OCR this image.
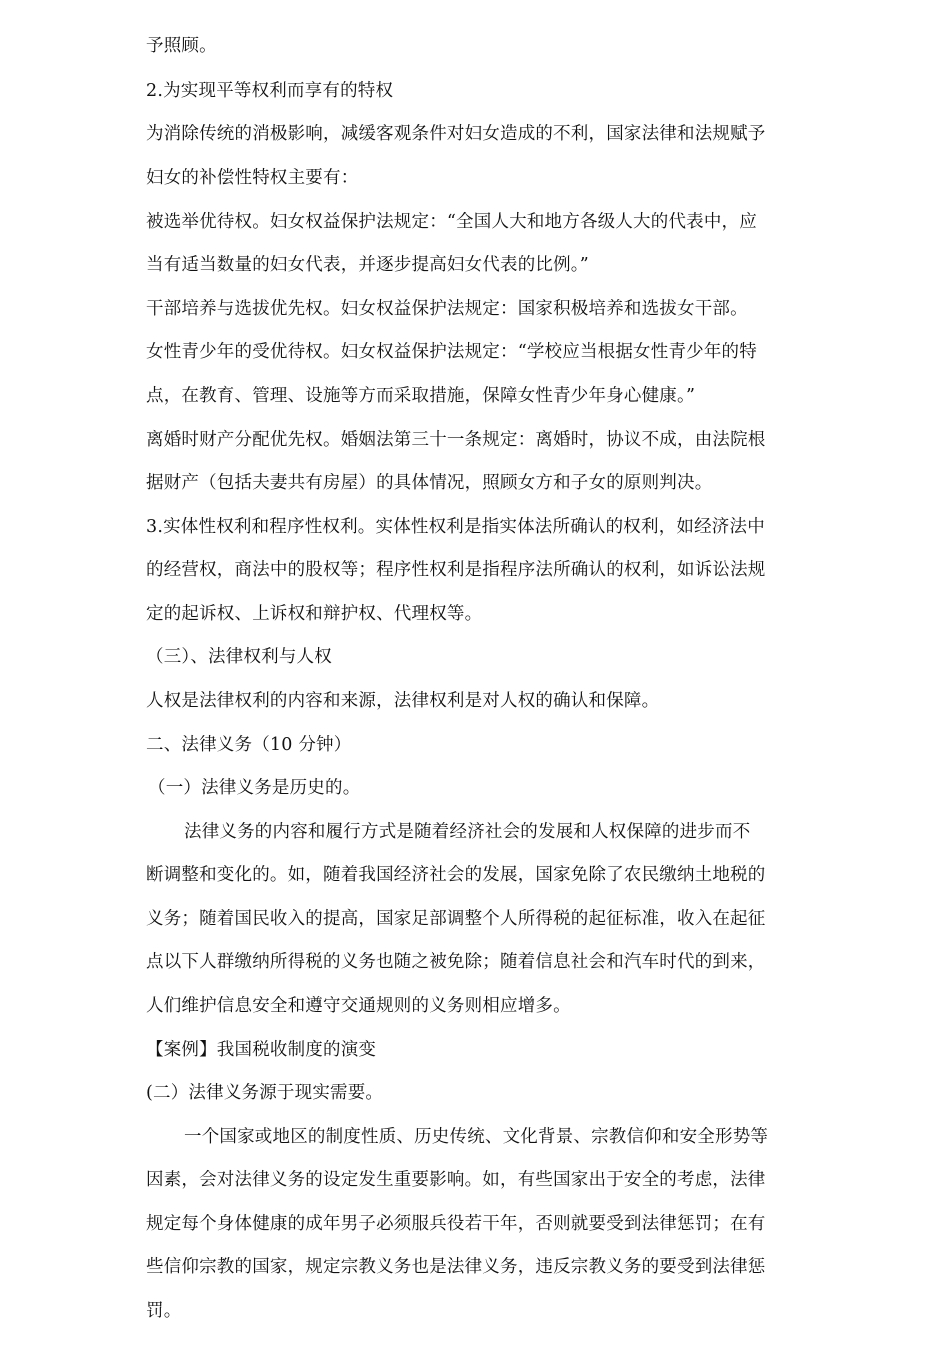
予照顾。
2.为实现平等权利而享有的特权
为消除传统的消极影响，减缓客观条件对妇女造成的不利，国家法律和法规赋予
妇女的补偿性特权主要有：
被选举优待权。妇女权益保护法规定：“全国人大和地方各级人大的代表中，应
当有适当数量的妇女代表，并逐步提高妇女代表的比例。”
干部培养与选拔优先权。妇女权益保护法规定：国家积极培养和选拔女干部。
女性青少年的受优待权。妇女权益保护法规定：“学校应当根据女性青少年的特
点，在教育、管理、设施等方而采取措施，保障女性青少年身心健康。”
离婚时财产分配优先权。婚姻法第三十一条规定：离婚时，协议不成，由法院根
据财产（包括夫妻共有房屋）的具体情况，照顾女方和子女的原则判决。
3.实体性权利和程序性权利。实体性权利是指实体法所确认的权利，如经济法中
的经营权，商法中的股权等；程序性权利是指程序法所确认的权利，如诉讼法规
定的起诉权、上诉权和辩护权、代理权等。
（三）、法律权利与人权
人权是法律权利的内容和来源，法律权利是对人权的确认和保障。
二、法律义务（10 分钟）
（一）法律义务是历史的。
法律义务的内容和履行方式是随着经济社会的发展和人权保障的进步而不
断调整和变化的。如，随着我国经济社会的发展，国家免除了农民缴纳土地税的
义务；随着国民收入的提高，国家足部调整个人所得税的起征标准，收入在起征
点以下人群缴纳所得税的义务也随之被免除；随着信息社会和汽车时代的到来，
人们维护信息安全和遵守交通规则的义务则相应增多。
【案例】我国税收制度的演变
(二）法律义务源于现实需要。
一个国家或地区的制度性质、历史传统、文化背景、宗教信仰和安全形势等
因素，会对法律义务的设定发生重要影响。如，有些国家出于安全的考虑，法律
规定每个身体健康的成年男子必须服兵役若干年，否则就要受到法律惩罚；在有
些信仰宗教的国家，规定宗教义务也是法律义务，违反宗教义务的要受到法律惩
罚。
